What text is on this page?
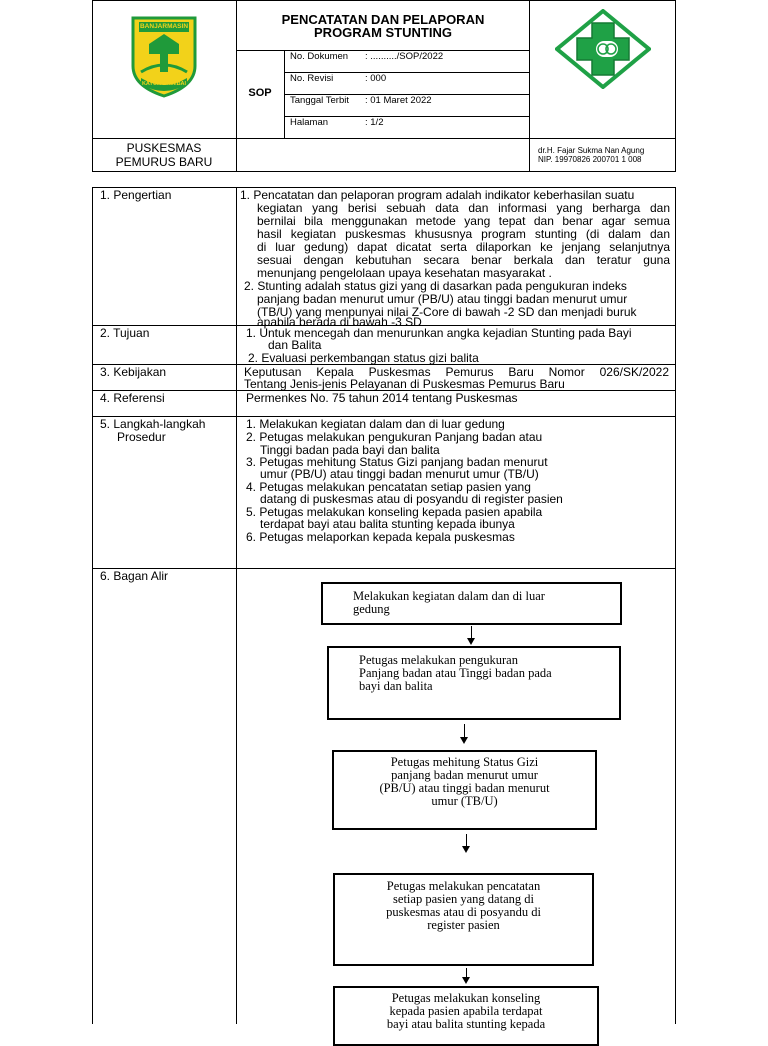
BANJARMASIN
KAYUH BAIMBAI
PENCATATAN DAN PELAPORAN
PROGRAM STUNTING
SOP
No. Dokumen : ........../SOP/2022
No. Revisi	: 000
Tanggal Terbit : 01 Maret 2022
Halaman	: 1/2
PUSKESMAS
PEMURUS BARU
dr.H. Fajar Sukma Nan Agung
NIP. 19970826 200701 1 008
1. Pengertian	1. Pencatatan dan pelaporan program adalah indikator keberhasilan suatu
kegiatan yang berisi sebuah data dan informasi yang berharga dan
bernilai bila menggunakan metode yang tepat dan benar agar semua
hasil kegiatan puskesmas khususnya program stunting (di dalam dan
di luar gedung) dapat dicatat serta dilaporkan ke jenjang selanjutnya
sesuai dengan kebutuhan secara benar berkala dan teratur guna
menunjang pengelolaan upaya kesehatan masyarakat .
2. Stunting adalah status gizi yang di dasarkan pada pengukuran indeks
panjang badan menurut umur (PB/U) atau tinggi badan menurut umur
(TB/U) yang menpunyai nilai Z-Core di bawah -2 SD dan menjadi buruk
apabila berada di bawah -3 SD
2. Tujuan	1. Untuk mencegah dan menurunkan angka kejadian Stunting pada Bayi
dan Balita
2. Evaluasi perkembangan status gizi balita
3. Kebijakan	Keputusan Kepala Puskesmas Pemurus Baru Nomor 026/SK/2022
Tentang Jenis-jenis Pelayanan di Puskesmas Pemurus Baru
4. Referensi	Permenkes No. 75 tahun 2014 tentang Puskesmas
5. Langkah-langkah
Prosedur
1. Melakukan kegiatan dalam dan di luar gedung
2. Petugas melakukan pengukuran Panjang badan atau
Tinggi badan pada bayi dan balita
3. Petugas mehitung Status Gizi panjang badan menurut
umur (PB/U) atau tinggi badan menurut umur (TB/U)
4. Petugas melakukan pencatatan setiap pasien yang
datang di puskesmas atau di posyandu di register pasien
5. Petugas melakukan konseling kepada pasien apabila
terdapat bayi atau balita stunting kepada ibunya
6. Petugas melaporkan kepada kepala puskesmas
6. Bagan Alir
Melakukan kegiatan dalam dan di luar
gedung
Petugas melakukan pengukuran
Panjang badan atau Tinggi badan pada
bayi dan balita
Petugas mehitung Status Gizi
panjang badan menurut umur
(PB/U) atau tinggi badan menurut
umur (TB/U)
Petugas melakukan pencatatan
setiap pasien yang datang di
puskesmas atau di posyandu di
register pasien
Petugas melakukan konseling
kepada pasien apabila terdapat
bayi atau balita stunting kepada
